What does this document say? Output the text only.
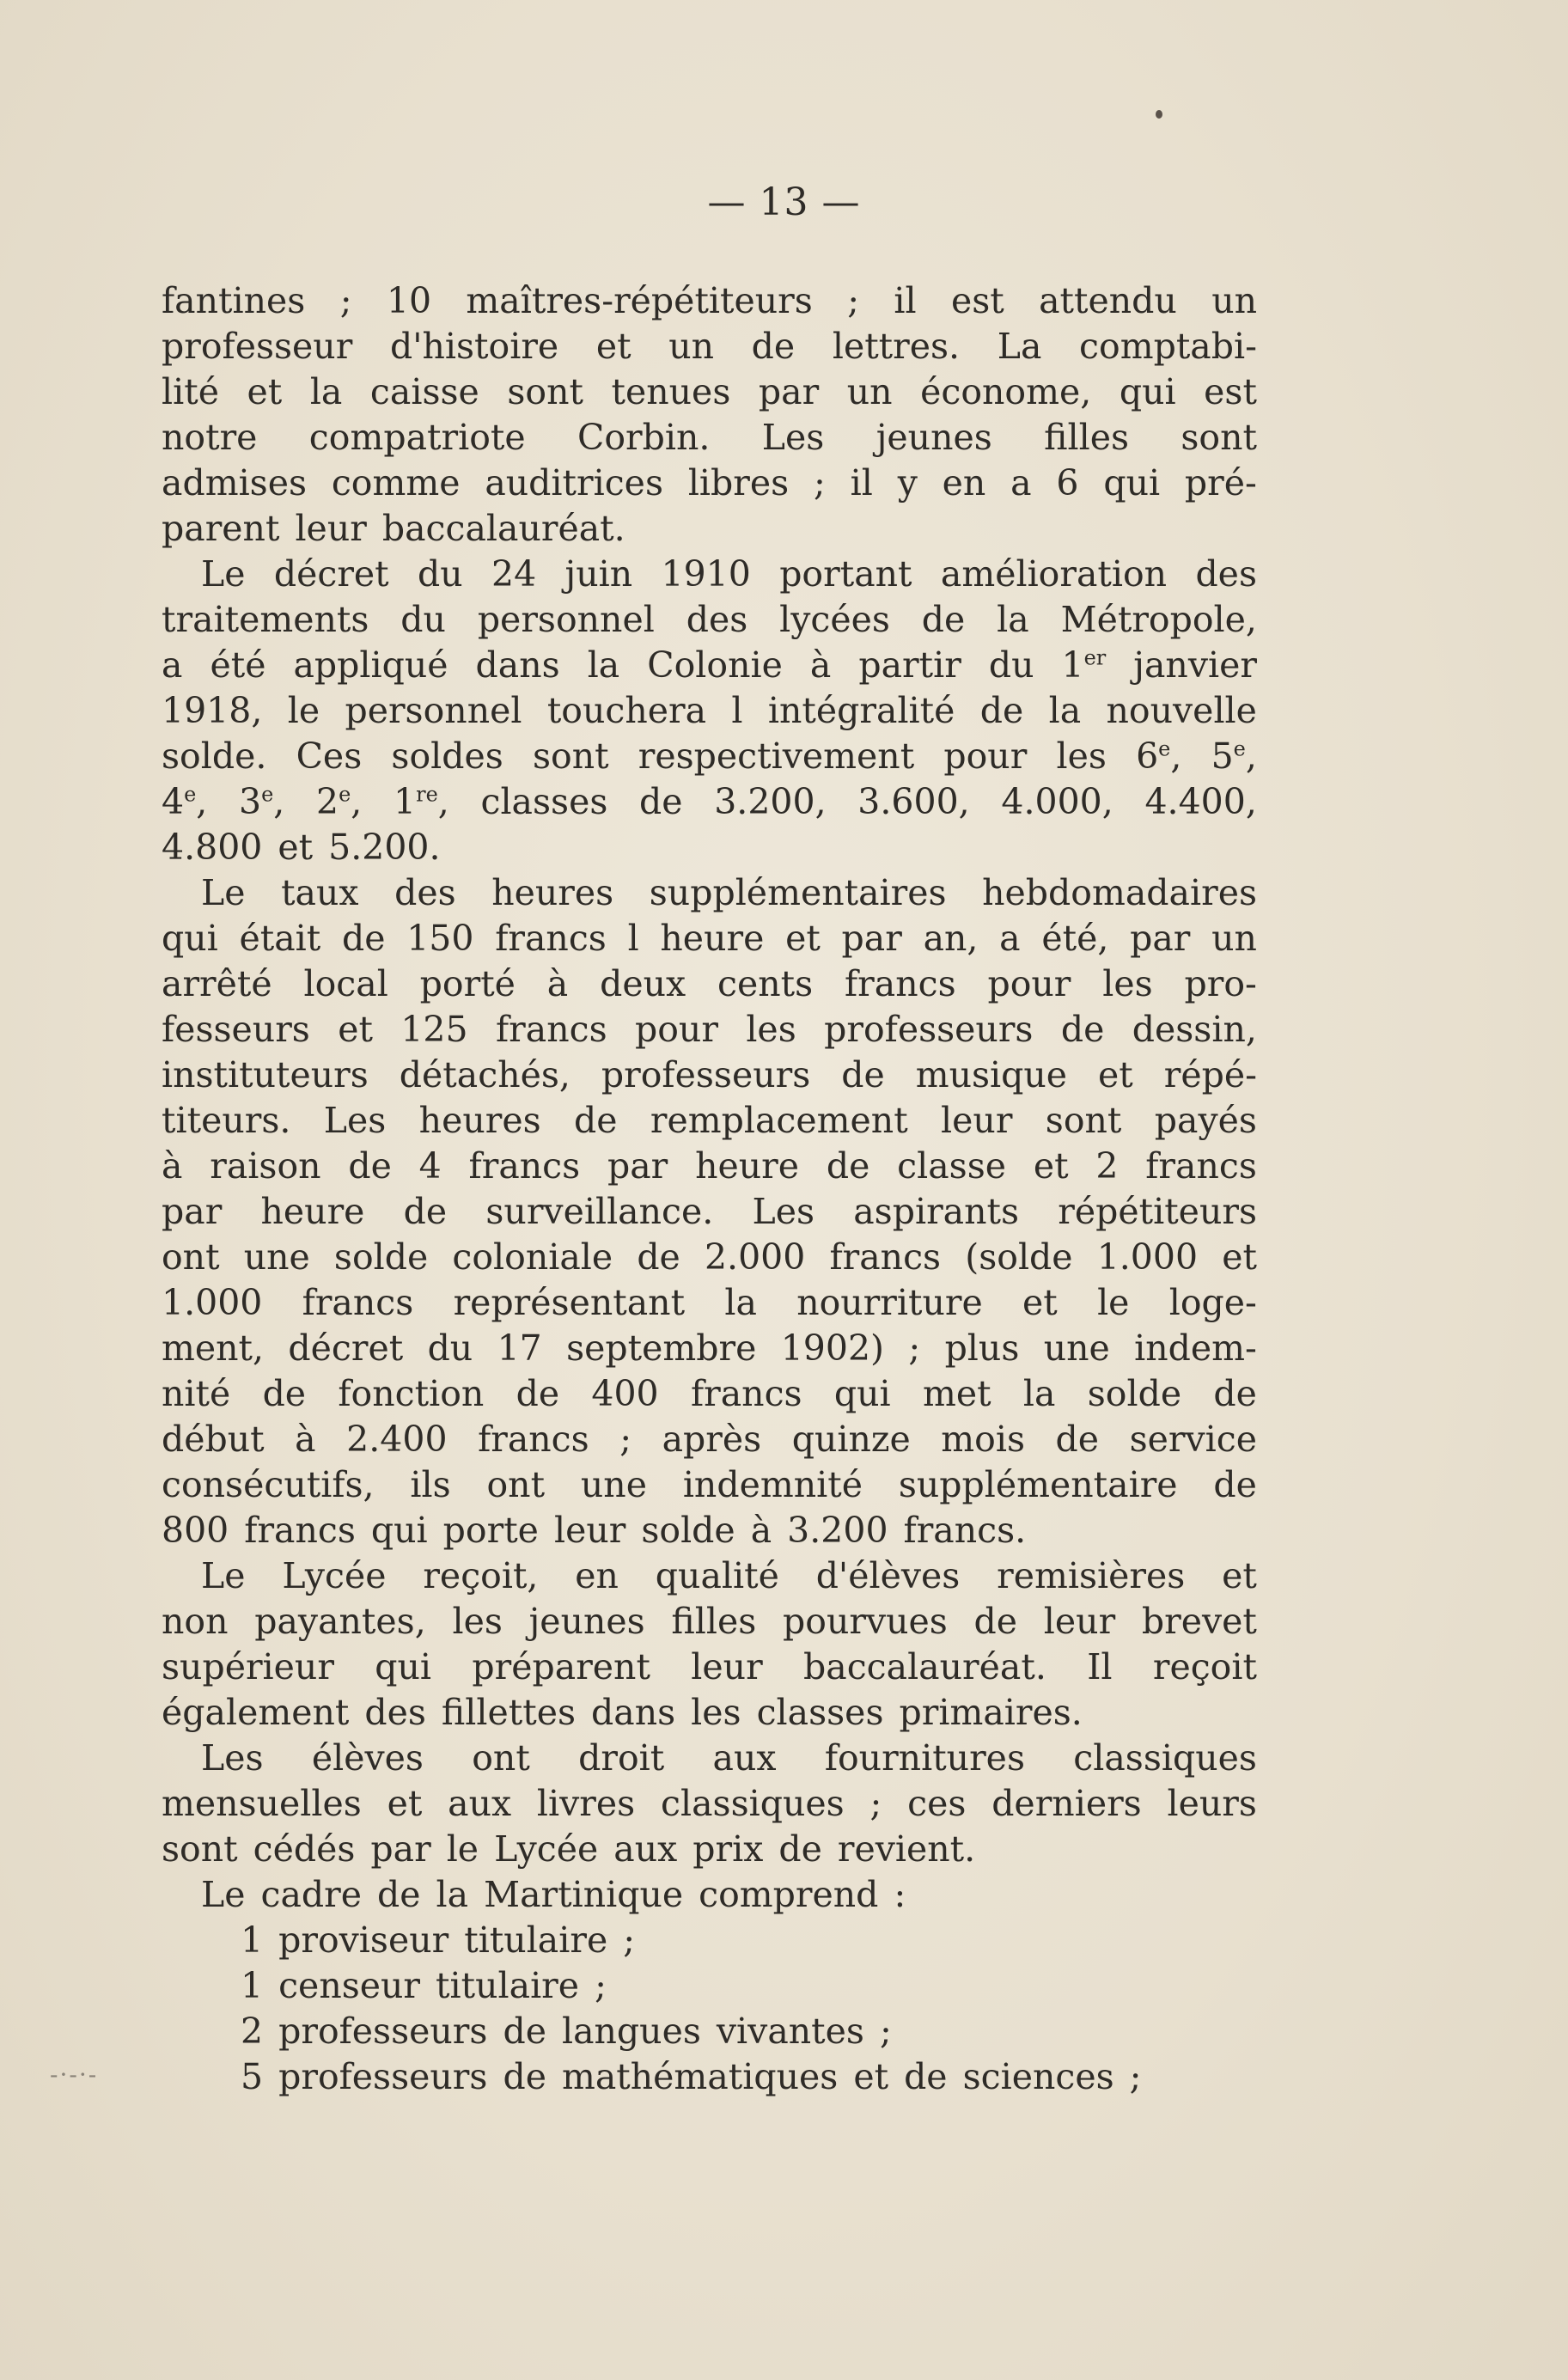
— 13 —
fantines ; 10 maîtres-répétiteurs ; il est attendu un
professeur d'histoire et un de lettres. La comptabi-
lité et la caisse sont tenues par un économe, qui est
notre compatriote Corbin. Les jeunes filles sont
admises comme auditrices libres ; il y en a 6 qui pré-
parent leur baccalauréat.
Le décret du 24 juin 1910 portant amélioration des
traitements du personnel des lycées de la Métropole,
a été appliqué dans la Colonie à partir du 1er janvier
1918, le personnel touchera l intégralité de la nouvelle
solde. Ces soldes sont respectivement pour les 6e, 5e,
4e, 3e, 2e, 1re, classes de 3.200, 3.600, 4.000, 4.400,
4.800 et 5.200.
Le taux des heures supplémentaires hebdomadaires
qui était de 150 francs l heure et par an, a été, par un
arrêté local porté à deux cents francs pour les pro-
fesseurs et 125 francs pour les professeurs de dessin,
instituteurs détachés, professeurs de musique et répé-
titeurs. Les heures de remplacement leur sont payés
à raison de 4 francs par heure de classe et 2 francs
par heure de surveillance. Les aspirants répétiteurs
ont une solde coloniale de 2.000 francs (solde 1.000 et
1.000 francs représentant la nourriture et le loge-
ment, décret du 17 septembre 1902) ; plus une indem-
nité de fonction de 400 francs qui met la solde de
début à 2.400 francs ; après quinze mois de service
consécutifs, ils ont une indemnité supplémentaire de
800 francs qui porte leur solde à 3.200 francs.
Le Lycée reçoit, en qualité d'élèves remisières et
non payantes, les jeunes filles pourvues de leur brevet
supérieur qui préparent leur baccalauréat. Il reçoit
également des fillettes dans les classes primaires.
Les élèves ont droit aux fournitures classiques
mensuelles et aux livres classiques ; ces derniers leurs
sont cédés par le Lycée aux prix de revient.
Le cadre de la Martinique comprend :
1 proviseur titulaire ;
1 censeur titulaire ;
2 professeurs de langues vivantes ;
5 professeurs de mathématiques et de sciences ;
-·-·-
